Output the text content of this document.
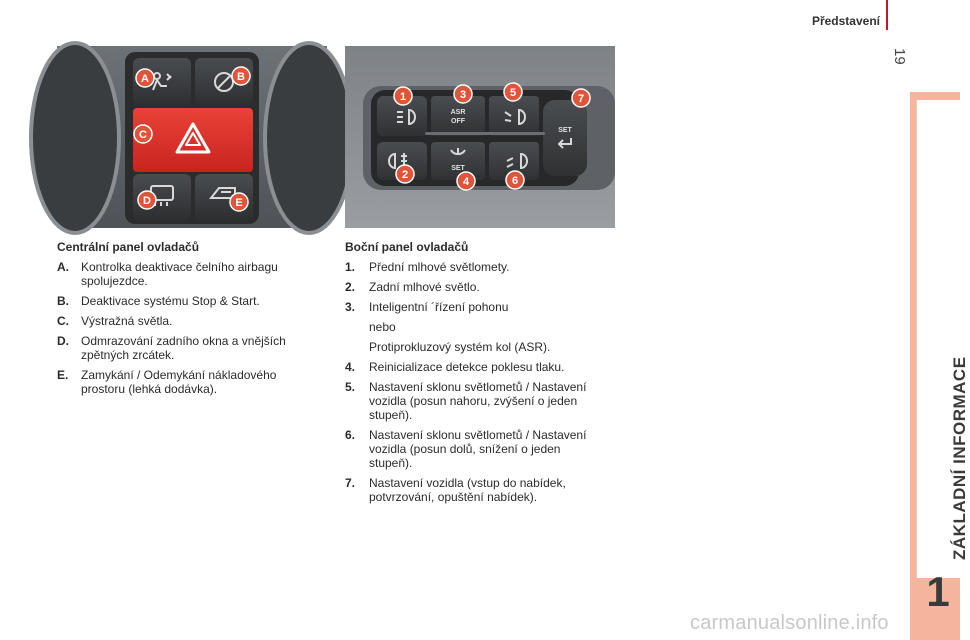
Představení
19
ZÁKLADNÍ INFORMACE
1
A	B
C
D	E
ASR
OFF
SET
SET
1
2
3
4
5
6
7
Centrální panel ovladačů
A.	Kontrolka deaktivace čelního airbagu spolujezdce.
B.	Deaktivace systému Stop & Start.
C.	Výstražná světla.
D.	Odmrazování zadního okna a vnějších zpětných zrcátek.
E.	Zamykání / Odemykání nákladového prostoru (lehká dodávka).
Boční panel ovladačů
1.	Přední mlhové světlomety.
2.	Zadní mlhové světlo.
3.	Inteligentní ´řízení pohonu
nebo
Protiprokluzový systém kol (ASR).
4.	Reinicializace detekce poklesu tlaku.
5.	Nastavení sklonu světlometů / Nastavení vozidla (posun nahoru, zvýšení o jeden stupeň).
6.	Nastavení sklonu světlometů / Nastavení vozidla (posun dolů, snížení o jeden stupeň).
7.	Nastavení vozidla (vstup do nabídek, potvrzování, opuštění nabídek).
carmanualsonline.info
